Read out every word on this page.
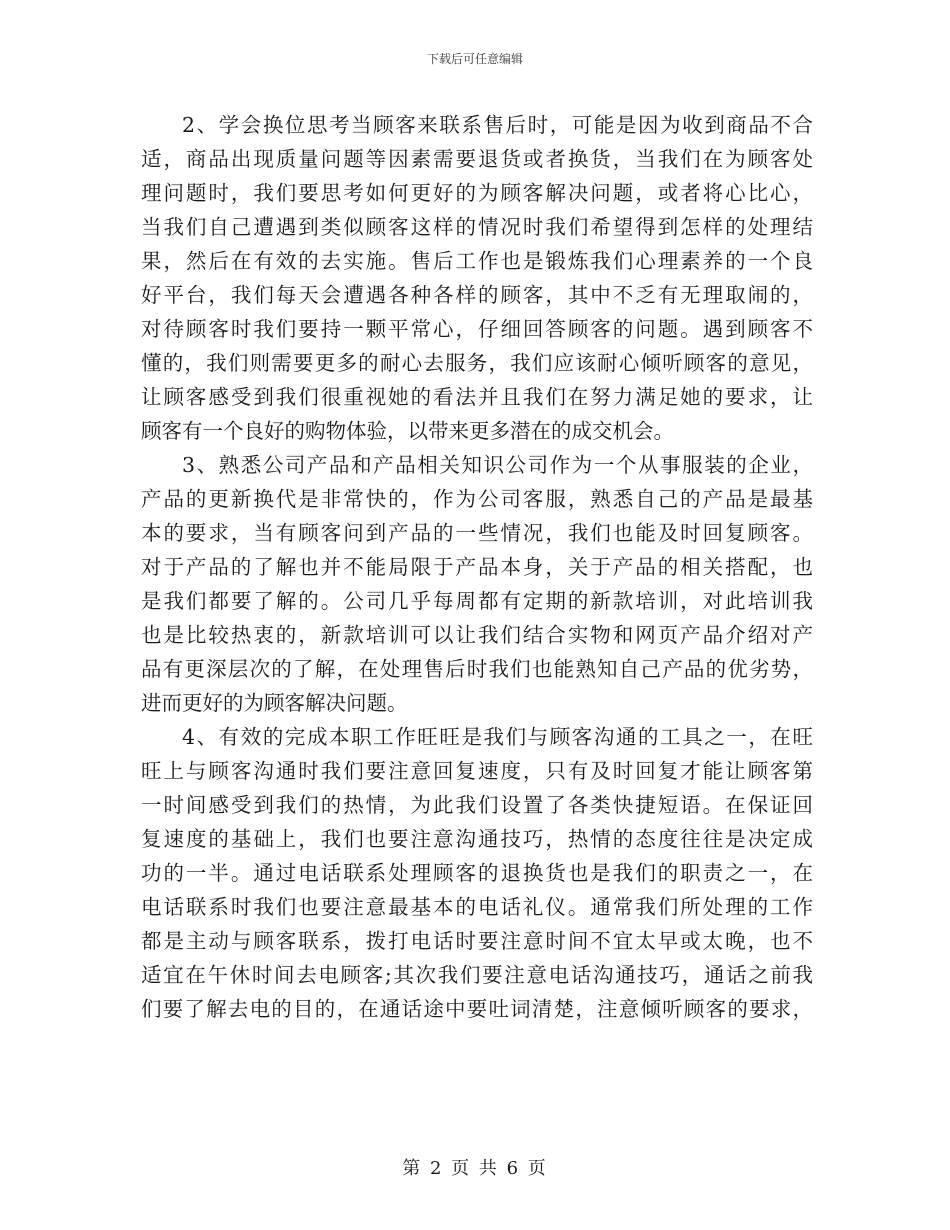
下载后可任意编辑
2、学会换位思考当顾客来联系售后时，可能是因为收到商品不合
适，商品出现质量问题等因素需要退货或者换货，当我们在为顾客处
理问题时，我们要思考如何更好的为顾客解决问题，或者将心比心，
当我们自己遭遇到类似顾客这样的情况时我们希望得到怎样的处理结
果，然后在有效的去实施。售后工作也是锻炼我们心理素养的一个良
好平台，我们每天会遭遇各种各样的顾客，其中不乏有无理取闹的，
对待顾客时我们要持一颗平常心，仔细回答顾客的问题。遇到顾客不
懂的，我们则需要更多的耐心去服务，我们应该耐心倾听顾客的意见，
让顾客感受到我们很重视她的看法并且我们在努力满足她的要求，让
顾客有一个良好的购物体验，以带来更多潜在的成交机会。
3、熟悉公司产品和产品相关知识公司作为一个从事服装的企业，
产品的更新换代是非常快的，作为公司客服，熟悉自己的产品是最基
本的要求，当有顾客问到产品的一些情况，我们也能及时回复顾客。
对于产品的了解也并不能局限于产品本身，关于产品的相关搭配，也
是我们都要了解的。公司几乎每周都有定期的新款培训，对此培训我
也是比较热衷的，新款培训可以让我们结合实物和网页产品介绍对产
品有更深层次的了解，在处理售后时我们也能熟知自己产品的优劣势，
进而更好的为顾客解决问题。
4、有效的完成本职工作旺旺是我们与顾客沟通的工具之一，在旺
旺上与顾客沟通时我们要注意回复速度，只有及时回复才能让顾客第
一时间感受到我们的热情，为此我们设置了各类快捷短语。在保证回
复速度的基础上，我们也要注意沟通技巧，热情的态度往往是决定成
功的一半。通过电话联系处理顾客的退换货也是我们的职责之一，在
电话联系时我们也要注意最基本的电话礼仪。通常我们所处理的工作
都是主动与顾客联系，拨打电话时要注意时间不宜太早或太晚，也不
适宜在午休时间去电顾客;其次我们要注意电话沟通技巧，通话之前我
们要了解去电的目的，在通话途中要吐词清楚，注意倾听顾客的要求，
第 2 页 共 6 页
